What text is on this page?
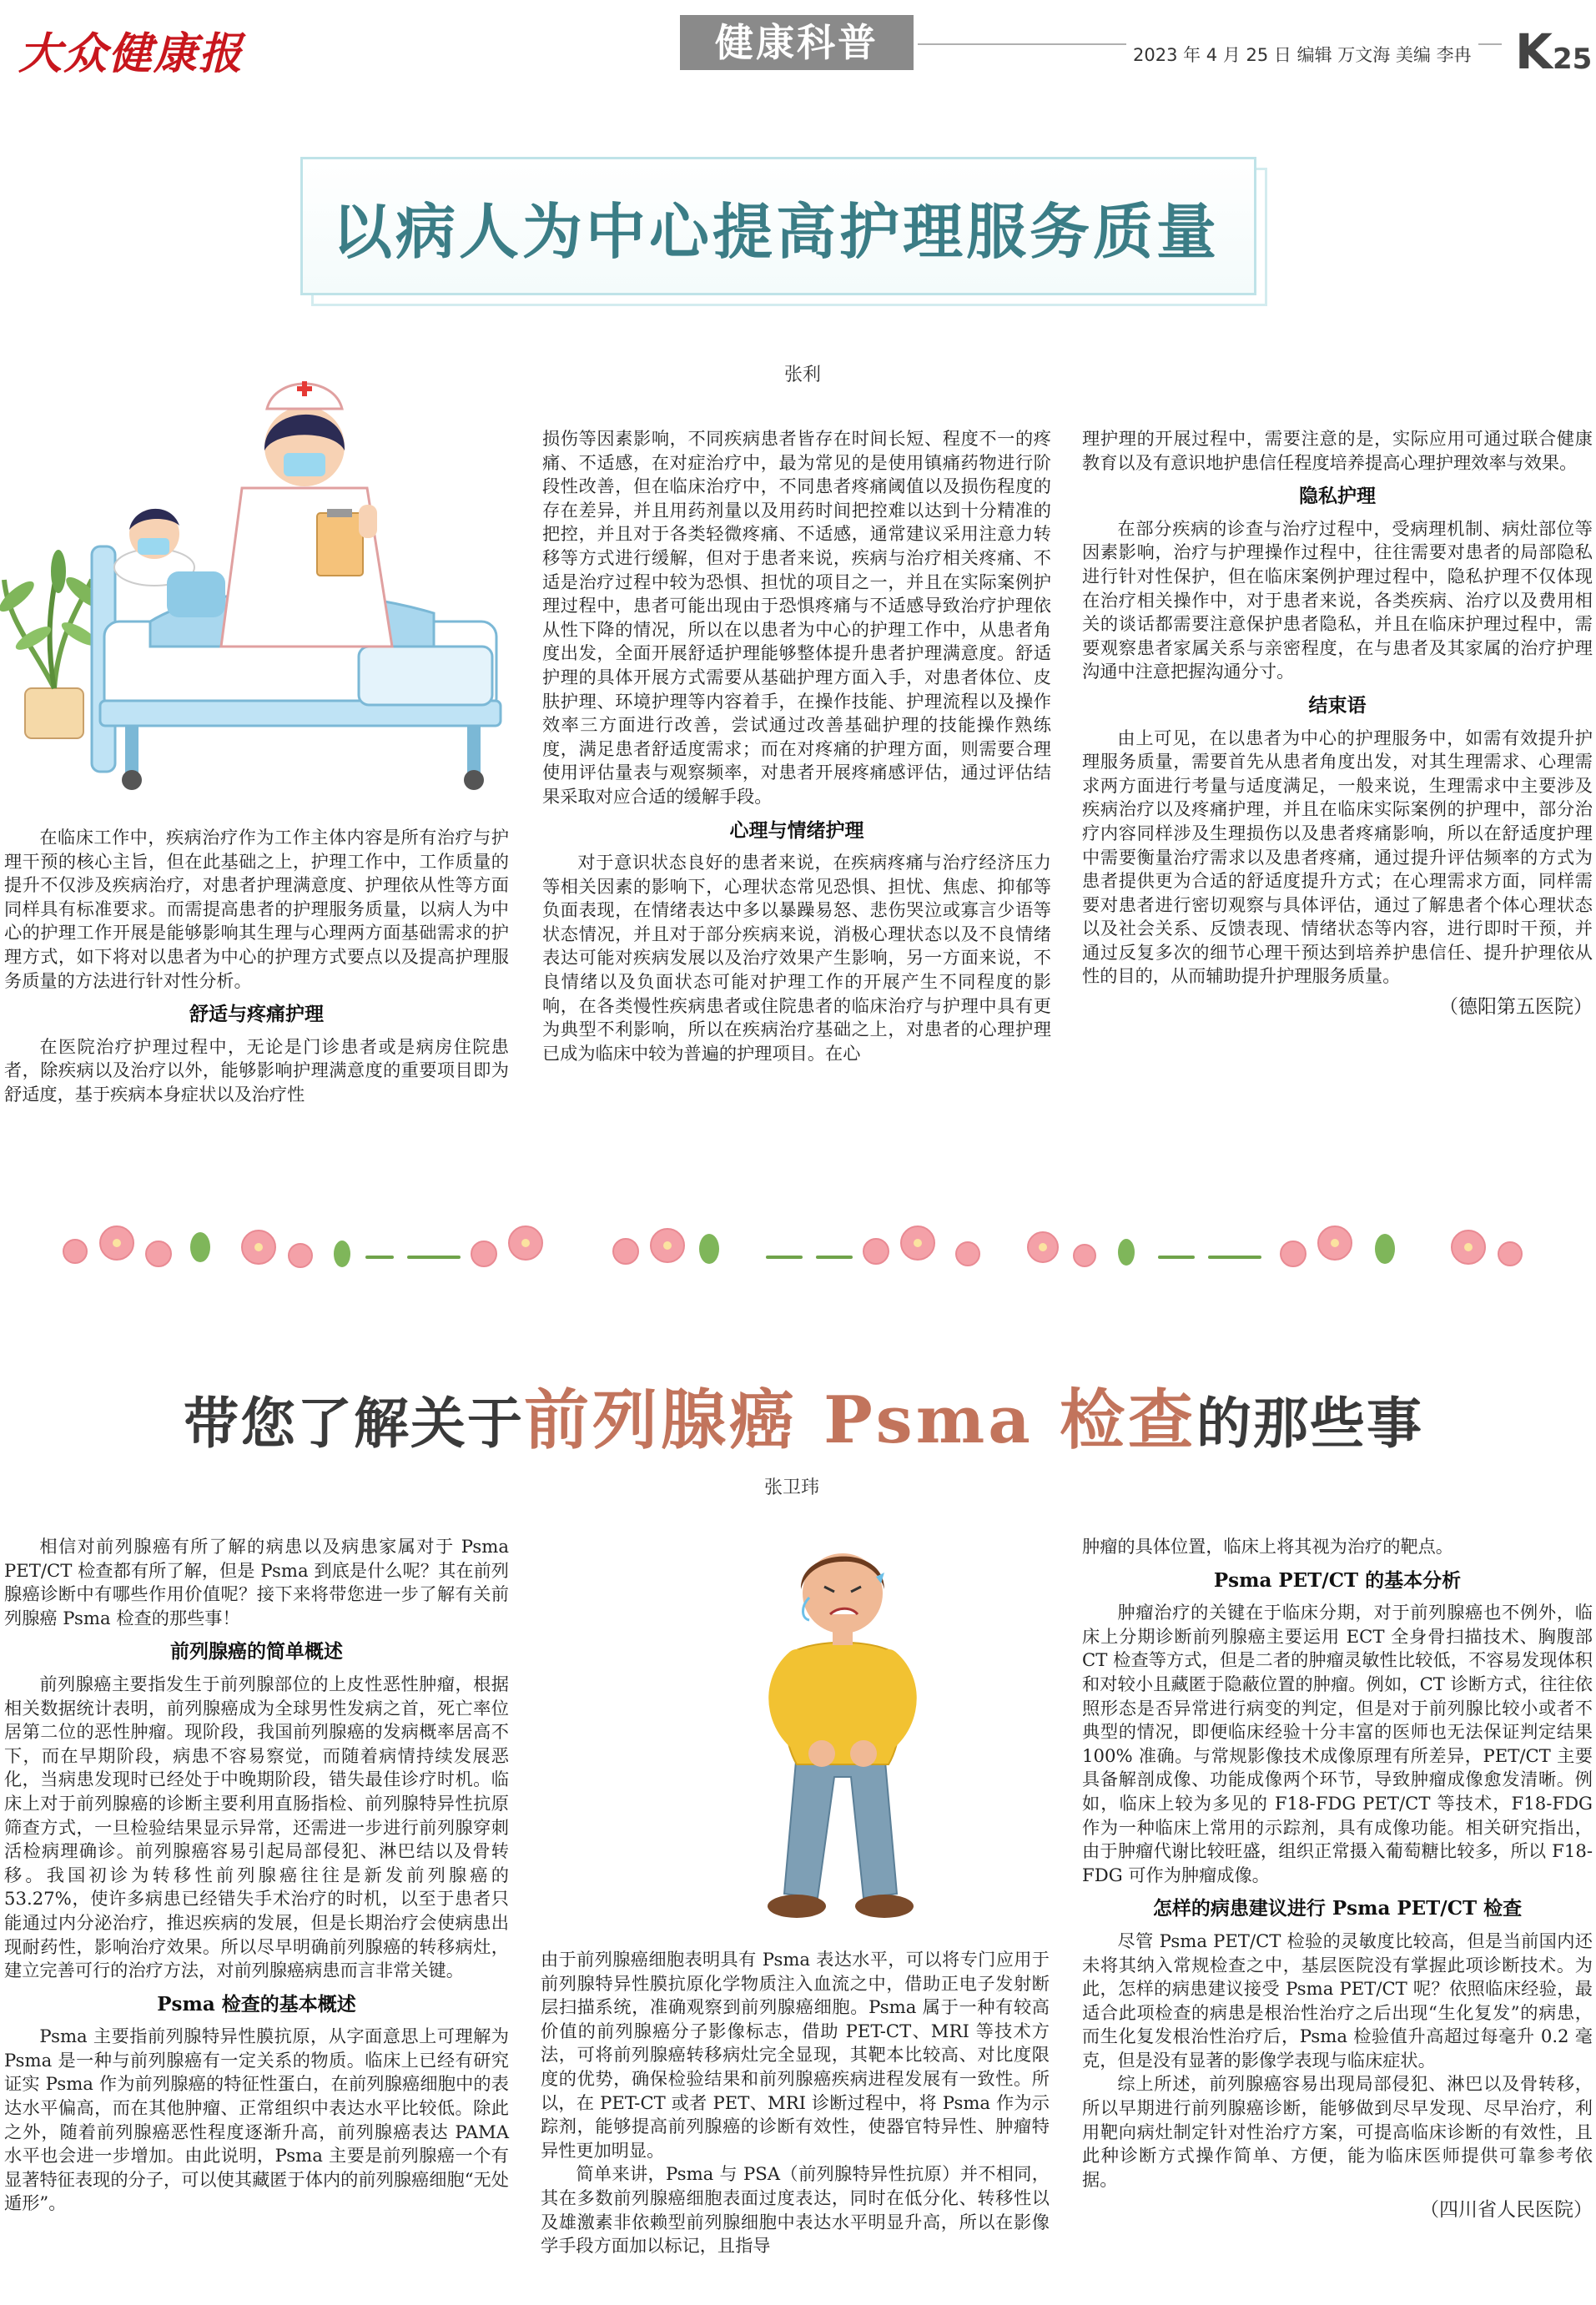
大众健康报	健康科普	2023 年 4 月 25 日 编辑 万文海 美编 李冉 K25
以病人为中心提高护理服务质量
张利

在临床工作中，疾病治疗作为工作主体内容是所有治疗与护理干预的核心主旨，但在此基础之上，护理工作中，工作质量的提升不仅涉及疾病治疗，对患者护理满意度、护理依从性等方面同样具有标准要求。而需提高患者的护理服务质量，以病人为中心的护理工作开展是能够影响其生理与心理两方面基础需求的护理方式，如下将对以患者为中心的护理方式要点以及提高护理服务质量的方法进行针对性分析。

舒适与疼痛护理

在医院治疗护理过程中，无论是门诊患者或是病房住院患者，除疾病以及治疗以外，能够影响护理满意度的重要项目即为舒适度，基于疾病本身症状以及治疗性

损伤等因素影响，不同疾病患者皆存在时间长短、程度不一的疼痛、不适感，在对症治疗中，最为常见的是使用镇痛药物进行阶段性改善，但在临床治疗中，不同患者疼痛阈值以及损伤程度的存在差异，并且用药剂量以及用药时间把控难以达到十分精准的把控，并且对于各类轻微疼痛、不适感，通常建议采用注意力转移等方式进行缓解，但对于患者来说，疾病与治疗相关疼痛、不适是治疗过程中较为恐惧、担忧的项目之一，并且在实际案例护理过程中，患者可能出现由于恐惧疼痛与不适感导致治疗护理依从性下降的情况，所以在以患者为中心的护理工作中，从患者角度出发，全面开展舒适护理能够整体提升患者护理满意度。舒适护理的具体开展方式需要从基础护理方面入手，对患者体位、皮肤护理、环境护理等内容着手，在操作技能、护理流程以及操作效率三方面进行改善，尝试通过改善基础护理的技能操作熟练度，满足患者舒适度需求；而在对疼痛的护理方面，则需要合理使用评估量表与观察频率，对患者开展疼痛感评估，通过评估结果采取对应合适的缓解手段。

心理与情绪护理

对于意识状态良好的患者来说，在疾病疼痛与治疗经济压力等相关因素的影响下，心理状态常见恐惧、担忧、焦虑、抑郁等负面表现，在情绪表达中多以暴躁易怒、悲伤哭泣或寡言少语等状态情况，并且对于部分疾病来说，消极心理状态以及不良情绪表达可能对疾病发展以及治疗效果产生影响，另一方面来说，不良情绪以及负面状态可能对护理工作的开展产生不同程度的影响，在各类慢性疾病患者或住院患者的临床治疗与护理中具有更为典型不利影响，所以在疾病治疗基础之上，对患者的心理护理已成为临床中较为普遍的护理项目。在心

理护理的开展过程中，需要注意的是，实际应用可通过联合健康教育以及有意识地护患信任程度培养提高心理护理效率与效果。

隐私护理

在部分疾病的诊查与治疗过程中，受病理机制、病灶部位等因素影响，治疗与护理操作过程中，往往需要对患者的局部隐私进行针对性保护，但在临床案例护理过程中，隐私护理不仅体现在治疗相关操作中，对于患者来说，各类疾病、治疗以及费用相关的谈话都需要注意保护患者隐私，并且在临床护理过程中，需要观察患者家属关系与亲密程度，在与患者及其家属的治疗护理沟通中注意把握沟通分寸。

结束语

由上可见，在以患者为中心的护理服务中，如需有效提升护理服务质量，需要首先从患者角度出发，对其生理需求、心理需求两方面进行考量与适度满足，一般来说，生理需求中主要涉及疾病治疗以及疼痛护理，并且在临床实际案例的护理中，部分治疗内容同样涉及生理损伤以及患者疼痛影响，所以在舒适度护理中需要衡量治疗需求以及患者疼痛，通过提升评估频率的方式为患者提供更为合适的舒适度提升方式；在心理需求方面，同样需要对患者进行密切观察与具体评估，通过了解患者个体心理状态以及社会关系、反馈表现、情绪状态等内容，进行即时干预，并通过反复多次的细节心理干预达到培养护患信任、提升护理依从性的目的，从而辅助提升护理服务质量。

（德阳第五医院）

带您了解关于前列腺癌 Psma 检查的那些事
张卫玮

相信对前列腺癌有所了解的病患以及病患家属对于 Psma PET/CT 检查都有所了解，但是 Psma 到底是什么呢？其在前列腺癌诊断中有哪些作用价值呢？接下来将带您进一步了解有关前列腺癌 Psma 检查的那些事！

前列腺癌的简单概述

前列腺癌主要指发生于前列腺部位的上皮性恶性肿瘤，根据相关数据统计表明，前列腺癌成为全球男性发病之首，死亡率位居第二位的恶性肿瘤。现阶段，我国前列腺癌的发病概率居高不下，而在早期阶段，病患不容易察觉，而随着病情持续发展恶化，当病患发现时已经处于中晚期阶段，错失最佳诊疗时机。临床上对于前列腺癌的诊断主要利用直肠指检、前列腺特异性抗原筛查方式，一旦检验结果显示异常，还需进一步进行前列腺穿刺活检病理确诊。前列腺癌容易引起局部侵犯、淋巴结以及骨转移。我国初诊为转移性前列腺癌往往是新发前列腺癌的 53.27%，使许多病患已经错失手术治疗的时机，以至于患者只能通过内分泌治疗，推迟疾病的发展，但是长期治疗会使病患出现耐药性，影响治疗效果。所以尽早明确前列腺癌的转移病灶，建立完善可行的治疗方法，对前列腺癌病患而言非常关键。

Psma 检查的基本概述

Psma 主要指前列腺特异性膜抗原，从字面意思上可理解为 Psma 是一种与前列腺癌有一定关系的物质。临床上已经有研究证实 Psma 作为前列腺癌的特征性蛋白，在前列腺癌细胞中的表达水平偏高，而在其他肿瘤、正常组织中表达水平比较低。除此之外，随着前列腺癌恶性程度逐渐升高，前列腺癌表达 PAMA 水平也会进一步增加。由此说明，Psma 主要是前列腺癌一个有显著特征表现的分子，可以使其藏匿于体内的前列腺癌细胞“无处遁形”。

由于前列腺癌细胞表明具有 Psma 表达水平，可以将专门应用于前列腺特异性膜抗原化学物质注入血流之中，借助正电子发射断层扫描系统，准确观察到前列腺癌细胞。Psma 属于一种有较高价值的前列腺癌分子影像标志，借助 PET-CT、MRI 等技术方法，可将前列腺癌转移病灶完全显现，其靶本比较高、对比度限度的优势，确保检验结果和前列腺癌疾病进程发展有一致性。所以，在 PET-CT 或者 PET、MRI 诊断过程中，将 Psma 作为示踪剂，能够提高前列腺癌的诊断有效性，使器官特异性、肿瘤特异性更加明显。

简单来讲，Psma 与 PSA（前列腺特异性抗原）并不相同，其在多数前列腺癌细胞表面过度表达，同时在低分化、转移性以及雄激素非依赖型前列腺细胞中表达水平明显升高，所以在影像学手段方面加以标记，且指导

肿瘤的具体位置，临床上将其视为治疗的靶点。

Psma PET/CT 的基本分析

肿瘤治疗的关键在于临床分期，对于前列腺癌也不例外，临床上分期诊断前列腺癌主要运用 ECT 全身骨扫描技术、胸腹部 CT 检查等方式，但是二者的肿瘤灵敏性比较低，不容易发现体积和对较小且藏匿于隐蔽位置的肿瘤。例如，CT 诊断方式，往往依照形态是否异常进行病变的判定，但是对于前列腺比较小或者不典型的情况，即便临床经验十分丰富的医师也无法保证判定结果 100% 准确。与常规影像技术成像原理有所差异，PET/CT 主要具备解剖成像、功能成像两个环节，导致肿瘤成像愈发清晰。例如，临床上较为多见的 F18-FDG PET/CT 等技术，F18-FDG 作为一种临床上常用的示踪剂，具有成像功能。相关研究指出，由于肿瘤代谢比较旺盛，组织正常摄入葡萄糖比较多，所以 F18-FDG 可作为肿瘤成像。

怎样的病患建议进行 Psma PET/CT 检查

尽管 Psma PET/CT 检验的灵敏度比较高，但是当前国内还未将其纳入常规检查之中，基层医院没有掌握此项诊断技术。为此，怎样的病患建议接受 Psma PET/CT 呢？依照临床经验，最适合此项检查的病患是根治性治疗之后出现“生化复发”的病患，而生化复发根治性治疗后，Psma 检验值升高超过每毫升 0.2 毫克，但是没有显著的影像学表现与临床症状。

综上所述，前列腺癌容易出现局部侵犯、淋巴以及骨转移，所以早期进行前列腺癌诊断，能够做到尽早发现、尽早治疗，利用靶向病灶制定针对性治疗方案，可提高临床诊断的有效性，且此种诊断方式操作简单、方便，能为临床医师提供可靠参考依据。

（四川省人民医院）
